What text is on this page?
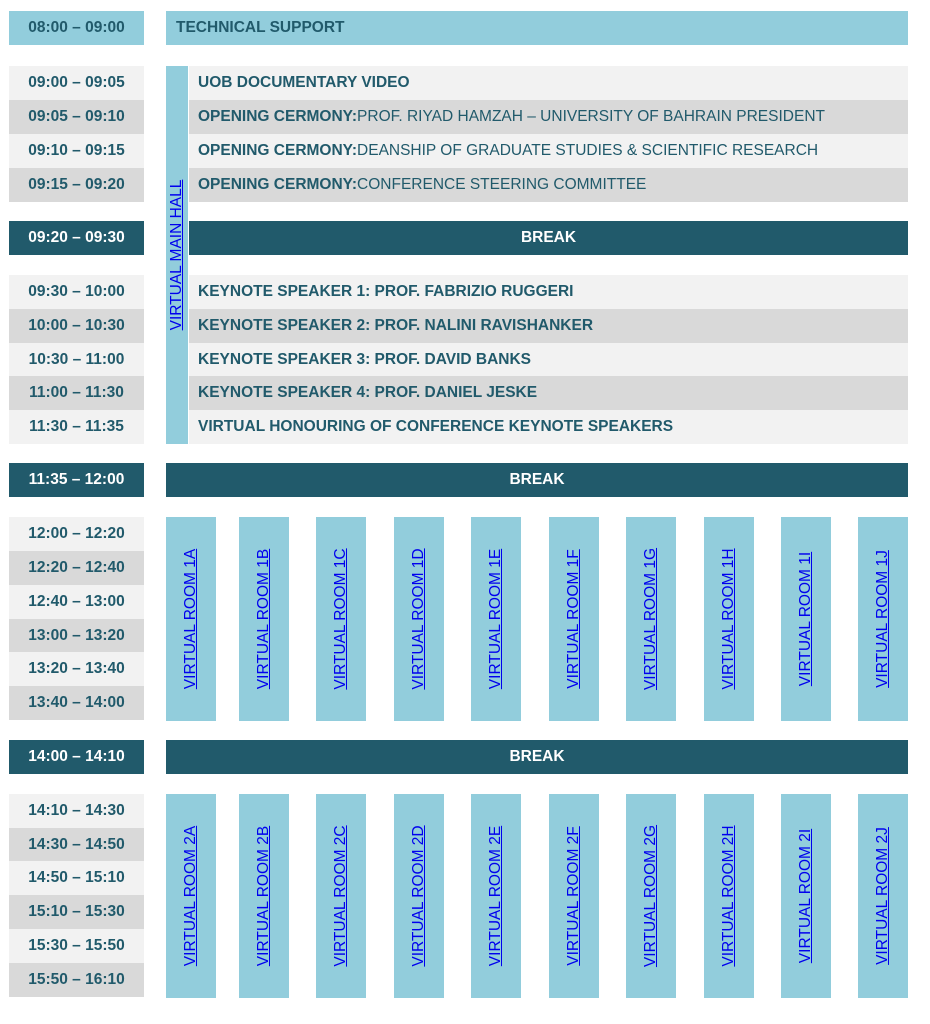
08:00 – 09:00	TECHNICAL SUPPORT
VIRTUAL MAIN HALL
09:00 – 09:05	UOB DOCUMENTARY VIDEO
09:05 – 09:10	OPENING CERMONY: PROF. RIYAD HAMZAH – UNIVERSITY OF BAHRAIN PRESIDENT
09:10 – 09:15	OPENING CERMONY: DEANSHIP OF GRADUATE STUDIES & SCIENTIFIC RESEARCH
09:15 – 09:20	OPENING CERMONY: CONFERENCE STEERING COMMITTEE
09:20 – 09:30	BREAK
09:30 – 10:00	KEYNOTE SPEAKER 1: PROF. FABRIZIO RUGGERI
10:00 – 10:30	KEYNOTE SPEAKER 2: PROF. NALINI RAVISHANKER
10:30 – 11:00	KEYNOTE SPEAKER 3: PROF. DAVID BANKS
11:00 – 11:30	KEYNOTE SPEAKER 4: PROF. DANIEL JESKE
11:30 – 11:35	VIRTUAL HONOURING OF CONFERENCE KEYNOTE SPEAKERS
11:35 – 12:00	BREAK
12:00 – 12:20
12:20 – 12:40
12:40 – 13:00
13:00 – 13:20
13:20 – 13:40
13:40 – 14:00
VIRTUAL ROOM 1A	VIRTUAL ROOM 1B	VIRTUAL ROOM 1C	VIRTUAL ROOM 1D	VIRTUAL ROOM 1E	VIRTUAL ROOM 1F	VIRTUAL ROOM 1G	VIRTUAL ROOM 1H	VIRTUAL ROOM 1I	VIRTUAL ROOM 1J
14:00 – 14:10	BREAK
14:10 – 14:30
14:30 – 14:50
14:50 – 15:10
15:10 – 15:30
15:30 – 15:50
15:50 – 16:10
VIRTUAL ROOM 2A	VIRTUAL ROOM 2B	VIRTUAL ROOM 2C	VIRTUAL ROOM 2D	VIRTUAL ROOM 2E	VIRTUAL ROOM 2F	VIRTUAL ROOM 2G	VIRTUAL ROOM 2H	VIRTUAL ROOM 2I	VIRTUAL ROOM 2J
